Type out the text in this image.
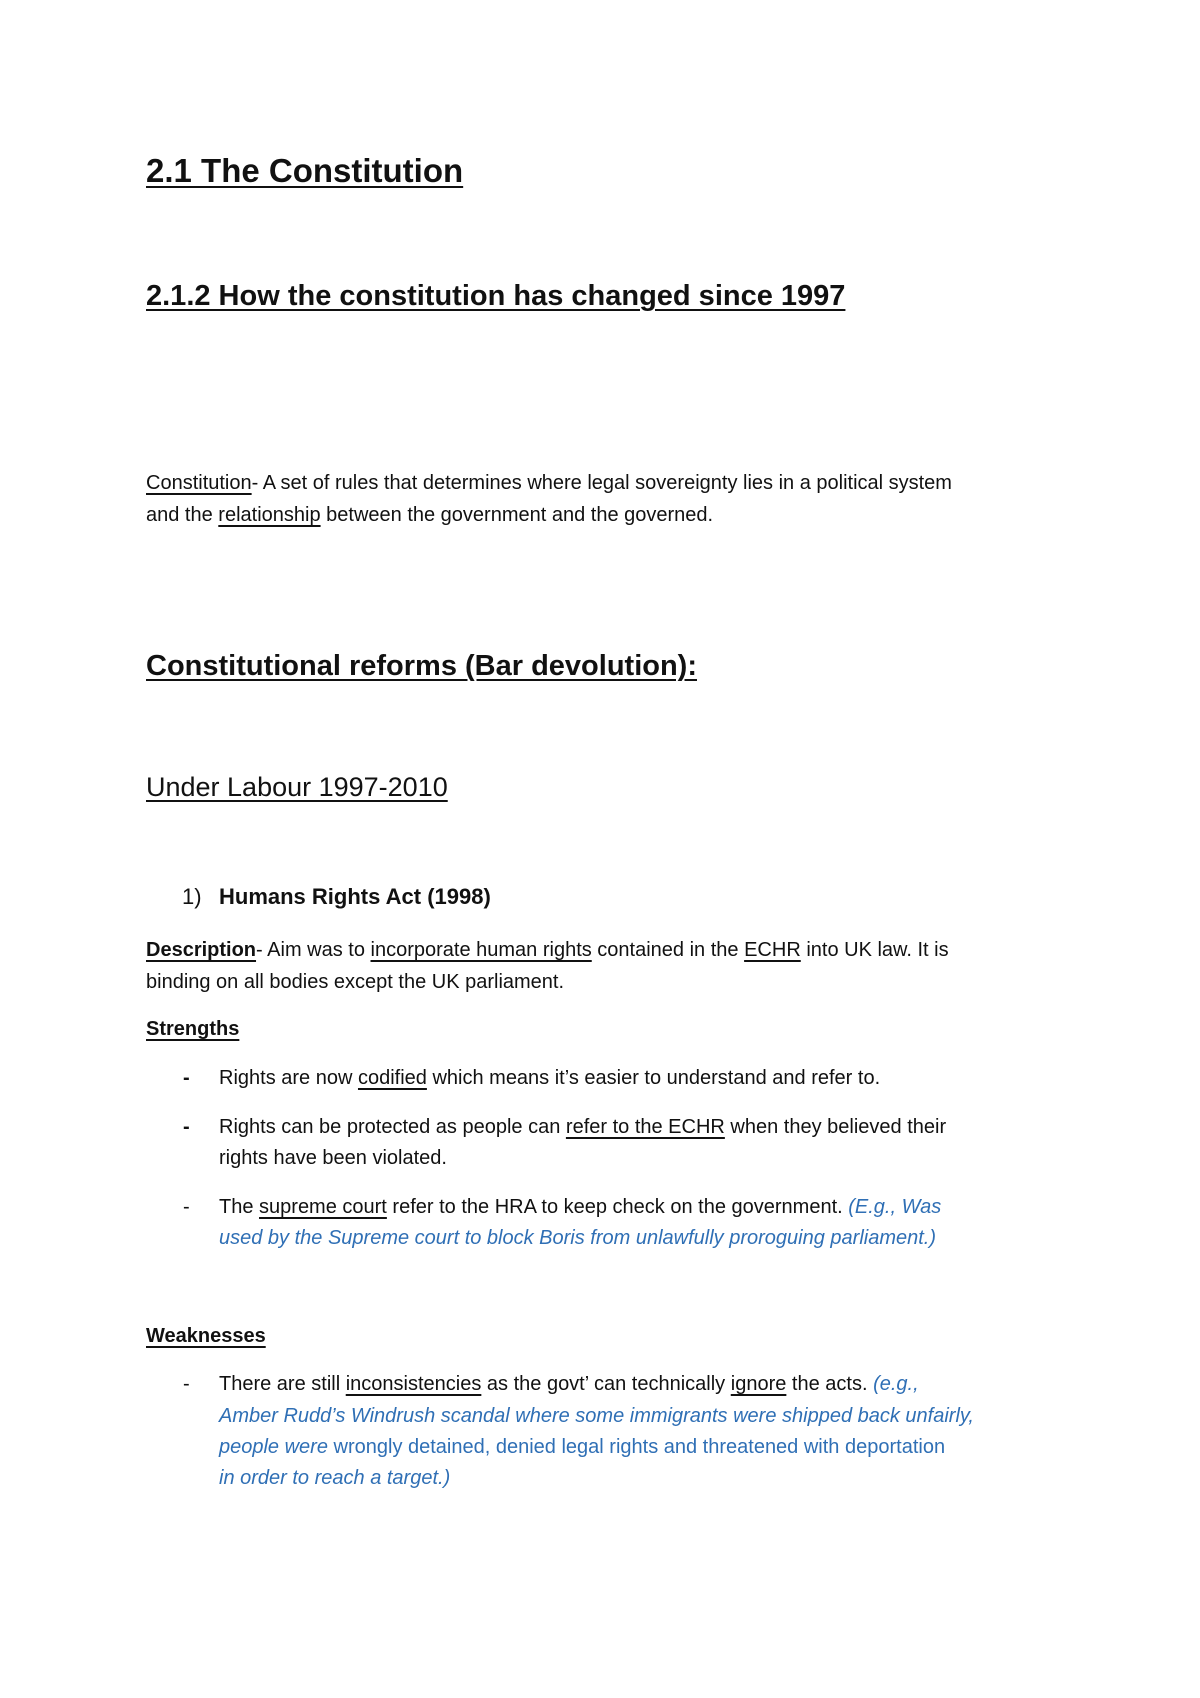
2.1 The Constitution
2.1.2 How the constitution has changed since 1997

Constitution- A set of rules that determines where legal sovereignty lies in a political system

and the relationship between the government and the governed.

Constitutional reforms (Bar devolution):
Under Labour 1997-2010

1) Humans Rights Act (1998)

Description- Aim was to incorporate human rights contained in the ECHR into UK law. It is

binding on all bodies except the UK parliament.

Strengths

- Rights are now codified which means it’s easier to understand and refer to.

- Rights can be protected as people can refer to the ECHR when they believed their

rights have been violated.

- The supreme court refer to the HRA to keep check on the government. (E.g., Was

used by the Supreme court to block Boris from unlawfully proroguing parliament.)

Weaknesses

- There are still inconsistencies as the govt’ can technically ignore the acts. (e.g.,

Amber Rudd’s Windrush scandal where some immigrants were shipped back unfairly,

people were wrongly detained, denied legal rights and threatened with deportation

in order to reach a target.)
